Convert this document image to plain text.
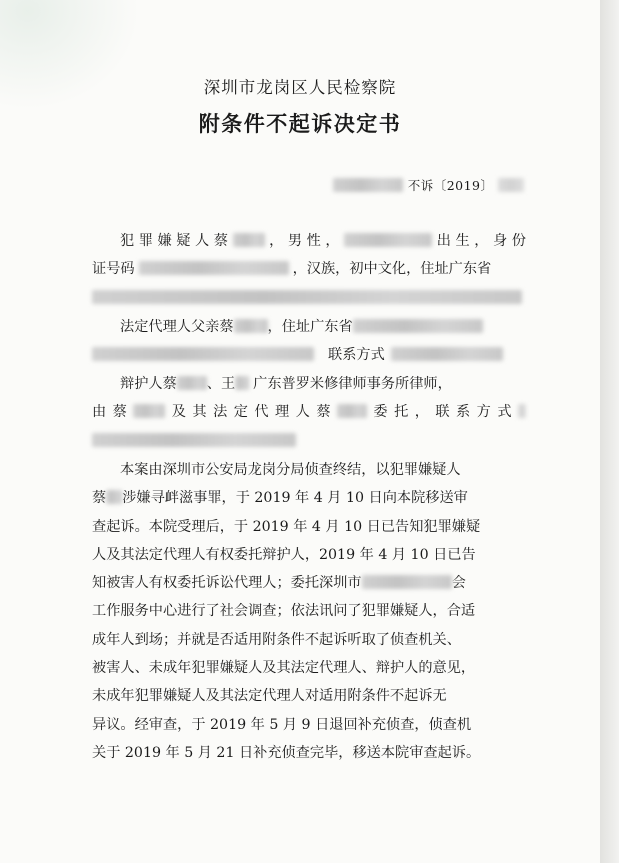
深圳市龙岗区人民检察院
附条件不起诉决定书
不诉〔2019〕
犯罪嫌疑人蔡 ，男性，	出生，身份
证号码	，汉族，初中文化，住址广东省
法定代理人父亲蔡 ，住址广东省
联系方式
辩护人蔡 、王 广东普罗米修律师事务所律师，
由蔡 及其法定代理人蔡 委托，联系方式
本案由深圳市公安局龙岗分局侦查终结，以犯罪嫌疑人
蔡 涉嫌寻衅滋事罪，于 2019 年 4 月 10 日向本院移送审
查起诉。本院受理后，于 2019 年 4 月 10 日已告知犯罪嫌疑
人及其法定代理人有权委托辩护人，2019 年 4 月 10 日已告
知被害人有权委托诉讼代理人；委托深圳市	会
工作服务中心进行了社会调查；依法讯问了犯罪嫌疑人，合适
成年人到场；并就是否适用附条件不起诉听取了侦查机关、
被害人、未成年犯罪嫌疑人及其法定代理人、辩护人的意见，
未成年犯罪嫌疑人及其法定代理人对适用附条件不起诉无
异议。经审查，于 2019 年 5 月 9 日退回补充侦查，侦查机
关于 2019 年 5 月 21 日补充侦查完毕，移送本院审查起诉。
